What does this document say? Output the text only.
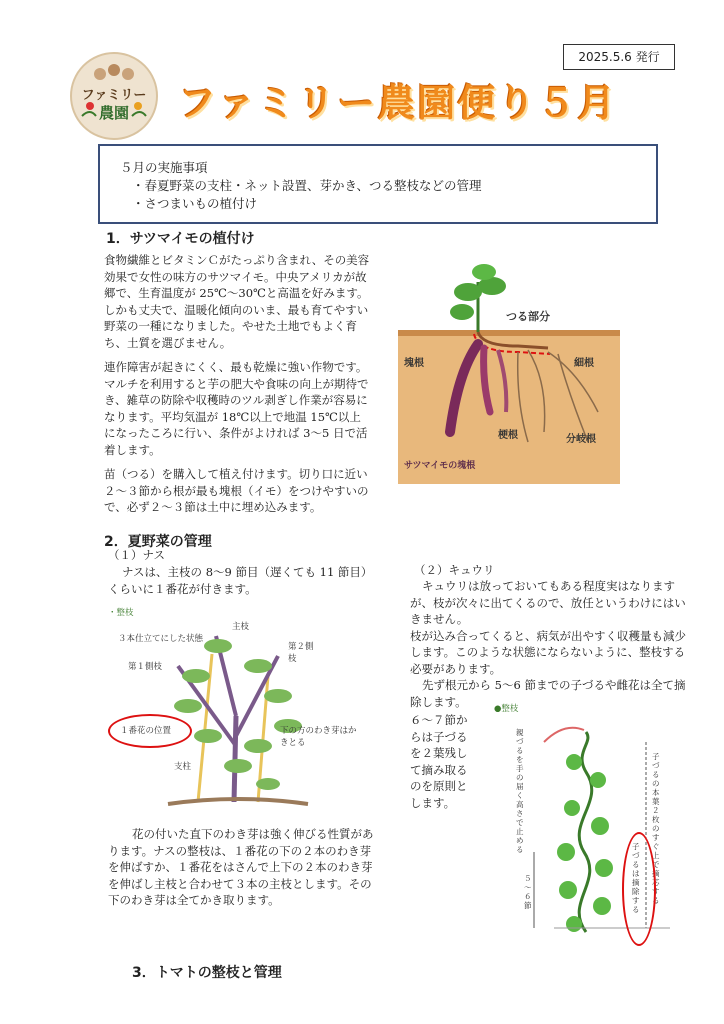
2025.5.6 発行
ファミリー
農園	ファミリー農園便り５月

５月の実施事項

・春夏野菜の支柱・ネット設置、芽かき、つる整枝などの管理

・さつまいもの植付け

1．サツマイモの植付け

食物繊維とビタミンＣがたっぷり含まれ、その美容効果で女性の味方のサツマイモ。中央アメリカが故郷で、生育温度が 25℃～30℃と高温を好みます。しかも丈夫で、温暖化傾向のいま、最も育てやすい野菜の一種になりました。やせた土地でもよく育ち、土質を選びません。

連作障害が起きにくく、最も乾燥に強い作物です。マルチを利用すると芋の肥大や食味の向上が期待でき、雑草の防除や収穫時のツル剥ぎし作業が容易になります。平均気温が 18℃以上で地温 15℃以上になったころに行い、条件がよければ 3～5 日で活着します。

苗（つる）を購入して植え付けます。切り口に近い２～３節から根が最も塊根（イモ）をつけやすいので、必ず２～３節は土中に埋め込みます。

つる部分
塊根	細根
梗根	分岐根
サツマイモの塊根
2．夏野菜の管理
（１）ナス

ナスは、主枝の 8～9 節目（遅くても 11 節目）くらいに１番花が付きます。

・整枝
主枝
３本仕立てにした状態
第２側枝
第１側枝
１番花の位置	下の方のわき芽はかきとる
支柱

花の付いた直下のわき芽は強く伸びる性質があります。ナスの整枝は、１番花の下の２本のわき芽を伸ばすか、１番花をはさんで上下の２本のわき芽を伸ばし主枝と合わせて３本の主枝とします。その下のわき芽は全てかき取ります。

（２）キュウリ

キュウリは放っておいてもある程度実はなりますが、枝が次々に出てくるので、放任というわけにはいきません。

枝が込み合ってくると、病気が出やすく収穫量も減少します。このような状態にならないように、整枝する必要があります。

先ず根元から 5～6 節までの子づるや雌花は全て摘除します。

６～７節からは子づるを２葉残して摘み取るのを原則とします。

親づるを手の届く高さで止める
●整枝
子づるの本葉２枚のすぐ上で摘芯する
子づるは摘除する
５～６節
3．トマトの整枝と管理
